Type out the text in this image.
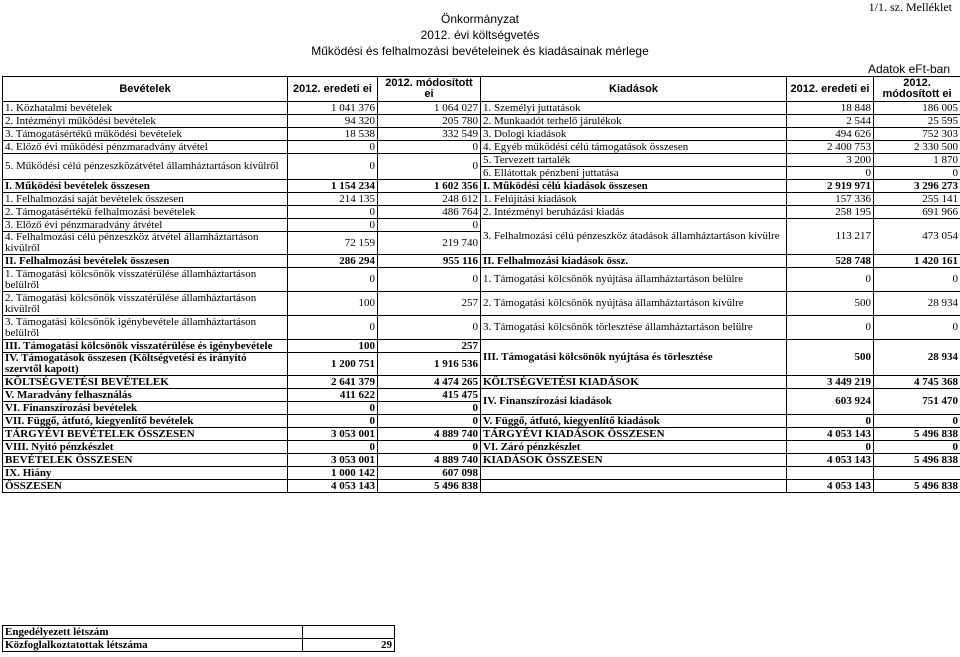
Önkormányzat
2012. évi költségvetés
Működési és felhalmozási bevételeinek és kiadásainak mérlege
1/1. sz. Melléklet
Adatok eFt-ban
Bevételek	2012. eredeti ei	2012. módosított ei	Kiadások	2012. eredeti ei	2012. módosított ei
1. Közhatalmi bevételek	1 041 376	1 064 027	1. Személyi juttatások	18 848	186 005
2. Intézményi működési bevételek	94 320	205 780	2. Munkaadót terhelő járulékok	2 544	25 595
3. Támogatásértékű működési bevételek	18 538	332 549	3. Dologi kiadások	494 626	752 303
4. Előző évi működési pénzmaradvány átvétel	0	0	4. Egyéb működési célú támogatások összesen	2 400 753	2 330 500
5. Működési célú pénzeszközátvétel államháztartáson kívülről	0	0	5. Tervezett tartalék	3 200	1 870
			6. Ellátottak pénzbeni juttatása	0	0
I. Működési bevételek összesen	1 154 234	1 602 356	I. Működési célú kiadások összesen	2 919 971	3 296 273
1. Felhalmozási saját bevételek összesen	214 135	248 612	1. Felújítási kiadások	157 336	255 141
2. Támogatásértékű felhalmozási bevételek	0	486 764	2. Intézményi beruházási kiadás	258 195	691 966
3. Előző évi pénzmaradvány átvétel	0	0	3. Felhalmozási célú pénzeszköz átadások államháztartáson kívülre	113 217	473 054
4. Felhalmozási célú pénzeszköz átvétel államháztartáson kívülről	72 159	219 740			
II. Felhalmozási bevételek összesen	286 294	955 116	II. Felhalmozási kiadások össz.	528 748	1 420 161
1. Támogatási kölcsönök visszatérülése államháztartáson belülről	0	0	1. Támogatási kölcsönök nyújtása államháztartáson belülre	0	0
2. Támogatási kölcsönök visszatérülése államháztartáson kívülről	100	257	2. Támogatási kölcsönök nyújtása államháztartáson kívülre	500	28 934
3. Támogatási kölcsönök igénybevétele államháztartáson belülről	0	0	3. Támogatási kölcsönök törlesztése államháztartáson belülre	0	0
III. Támogatási kölcsönök visszatérülése és igénybevétele	100	257	III. Támogatási kölcsönök nyújtása és törlesztése	500	28 934
IV. Támogatások összesen (Költségvetési és irányító szervtől kapott)	1 200 751	1 916 536			
KÖLTSÉGVETÉSI BEVÉTELEK	2 641 379	4 474 265	KÖLTSÉGVETÉSI KIADÁSOK	3 449 219	4 745 368
V. Maradvány felhasználás	411 622	415 475	IV. Finanszírozási kiadások	603 924	751 470
VI. Finanszírozási bevételek	0	0			
VII. Függő, átfutó, kiegyenlítő bevételek	0	0	V. Függő, átfutó, kiegyenlítő kiadások	0	0
TÁRGYÉVI BEVÉTELEK ÖSSZESEN	3 053 001	4 889 740	TÁRGYÉVI KIADÁSOK ÖSSZESEN	4 053 143	5 496 838
VIII. Nyitó pénzkészlet	0	0	VI. Záró pénzkészlet	0	0
BEVÉTELEK ÖSSZESEN	3 053 001	4 889 740	KIADÁSOK ÖSSZESEN	4 053 143	5 496 838
IX. Hiány	1 000 142	607 098			
ÖSSZESEN	4 053 143	5 496 838		4 053 143	5 496 838
Engedélyezett létszám	
Közfoglalkoztatottak létszáma	29
